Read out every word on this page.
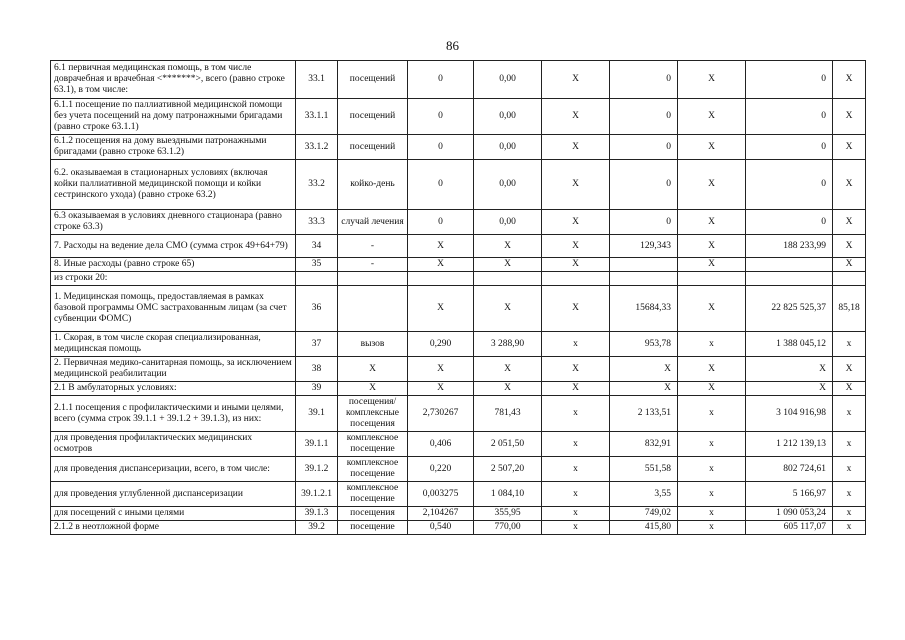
86
6.1 первичная медицинская помощь, в том числе доврачебная и врачебная <*******>, всего (равно строке 63.1), в том числе:	33.1	посещений	0	0,00	X	0	X	0	X
6.1.1 посещение по паллиативной медицинской помощи без учета посещений на дому патронажными бригадами (равно строке 63.1.1)	33.1.1	посещений	0	0,00	X	0	X	0	X
6.1.2 посещения на дому выездными патронажными бригадами (равно строке 63.1.2)	33.1.2	посещений	0	0,00	X	0	X	0	X
6.2. оказываемая в стационарных условиях (включая койки паллиативной медицинской помощи и койки сестринского ухода) (равно строке 63.2)	33.2	койко-день	0	0,00	X	0	X	0	X
6.3 оказываемая в условиях дневного стационара (равно строке 63.3)	33.3	случай лечения	0	0,00	X	0	X	0	X
7. Расходы на ведение дела СМО (сумма строк 49+64+79)	34	-	X	X	X	129,343	X	188 233,99	X
8. Иные расходы (равно строке 65)	35	-	X	X	X		X		X
из строки 20:									
1. Медицинская помощь, предоставляемая в рамках базовой программы ОМС застрахованным лицам (за счет субвенции ФОМС)	36		X	X	X	15684,33	X	22 825 525,37	85,18
1. Скорая, в том числе скорая специализированная, медицинская помощь	37	вызов	0,290	3 288,90	x	953,78	x	1 388 045,12	x
2. Первичная медико-санитарная помощь, за исключением медицинской реабилитации	38	X	X	X	X	X	X	X	X
2.1 В амбулаторных условиях:	39	X	X	X	X	X	X	X	X
2.1.1 посещения с профилактическими и иными целями, всего (сумма строк 39.1.1 + 39.1.2 + 39.1.3), из них:	39.1	посещения/комплексные посещения	2,730267	781,43	x	2 133,51	x	3 104 916,98	x
для проведения профилактических медицинских осмотров	39.1.1	комплексное посещение	0,406	2 051,50	x	832,91	x	1 212 139,13	x
для проведения диспансеризации, всего, в том числе:	39.1.2	комплексное посещение	0,220	2 507,20	x	551,58	x	802 724,61	x
для проведения углубленной диспансеризации	39.1.2.1	комплексное посещение	0,003275	1 084,10	x	3,55	x	5 166,97	x
для посещений с иными целями	39.1.3	посещения	2,104267	355,95	x	749,02	x	1 090 053,24	x
2.1.2 в неотложной форме	39.2	посещение	0,540	770,00	x	415,80	x	605 117,07	x
